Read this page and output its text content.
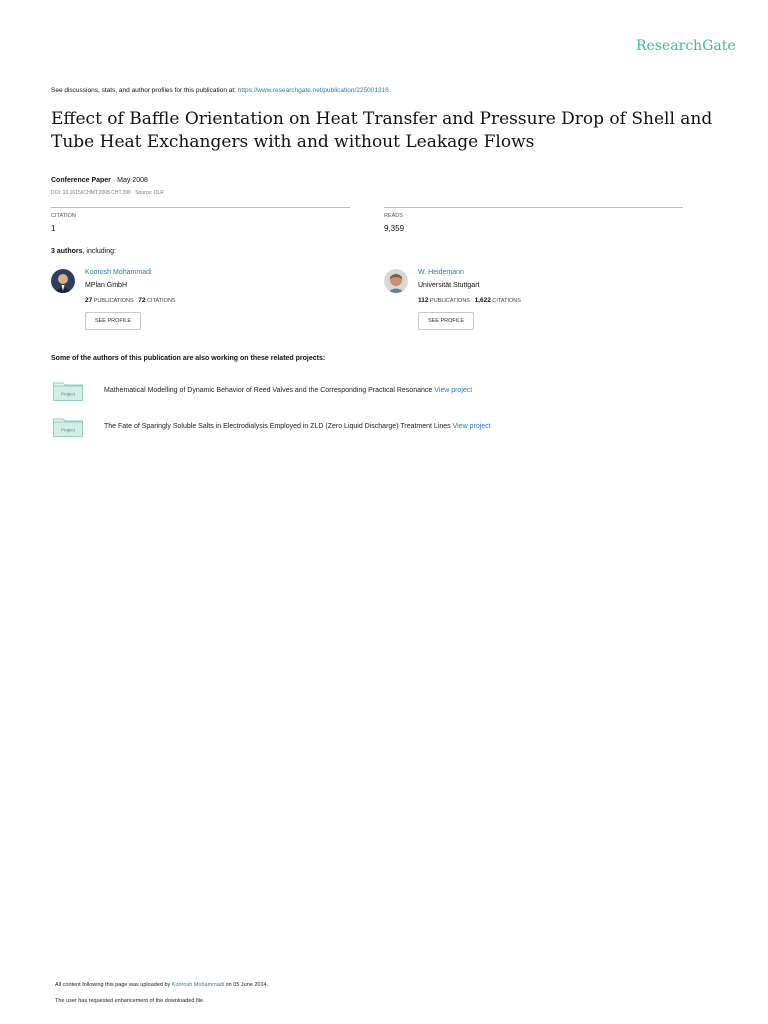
ResearchGate
See discussions, stats, and author profiles for this publication at: https://www.researchgate.net/publication/225001316
Effect of Baffle Orientation on Heat Transfer and Pressure Drop of Shell and Tube Heat Exchangers with and without Leakage Flows
Conference Paper · May 2008
DOI: 10.1615/ICHMT.2008.CHT.390 · Source: DLR
CITATION
1
READS
9,359
3 authors, including:
Koorosh Mohammadi
MPlan GmbH
27 PUBLICATIONS 72 CITATIONS
SEE PROFILE
W. Heidemann
Universität Stuttgart
112 PUBLICATIONS 1,622 CITATIONS
SEE PROFILE
Some of the authors of this publication are also working on these related projects:
Project	Mathematical Modelling of Dynamic Behavior of Reed Valves and the Corresponding Practical Resonance View project
Project	The Fate of Sparingly Soluble Salts in Electrodialysis Employed in ZLD (Zero Liquid Discharge) Treatment Lines View project
All content following this page was uploaded by Koorosh Mohammadi on 05 June 2014.
The user has requested enhancement of the downloaded file.
